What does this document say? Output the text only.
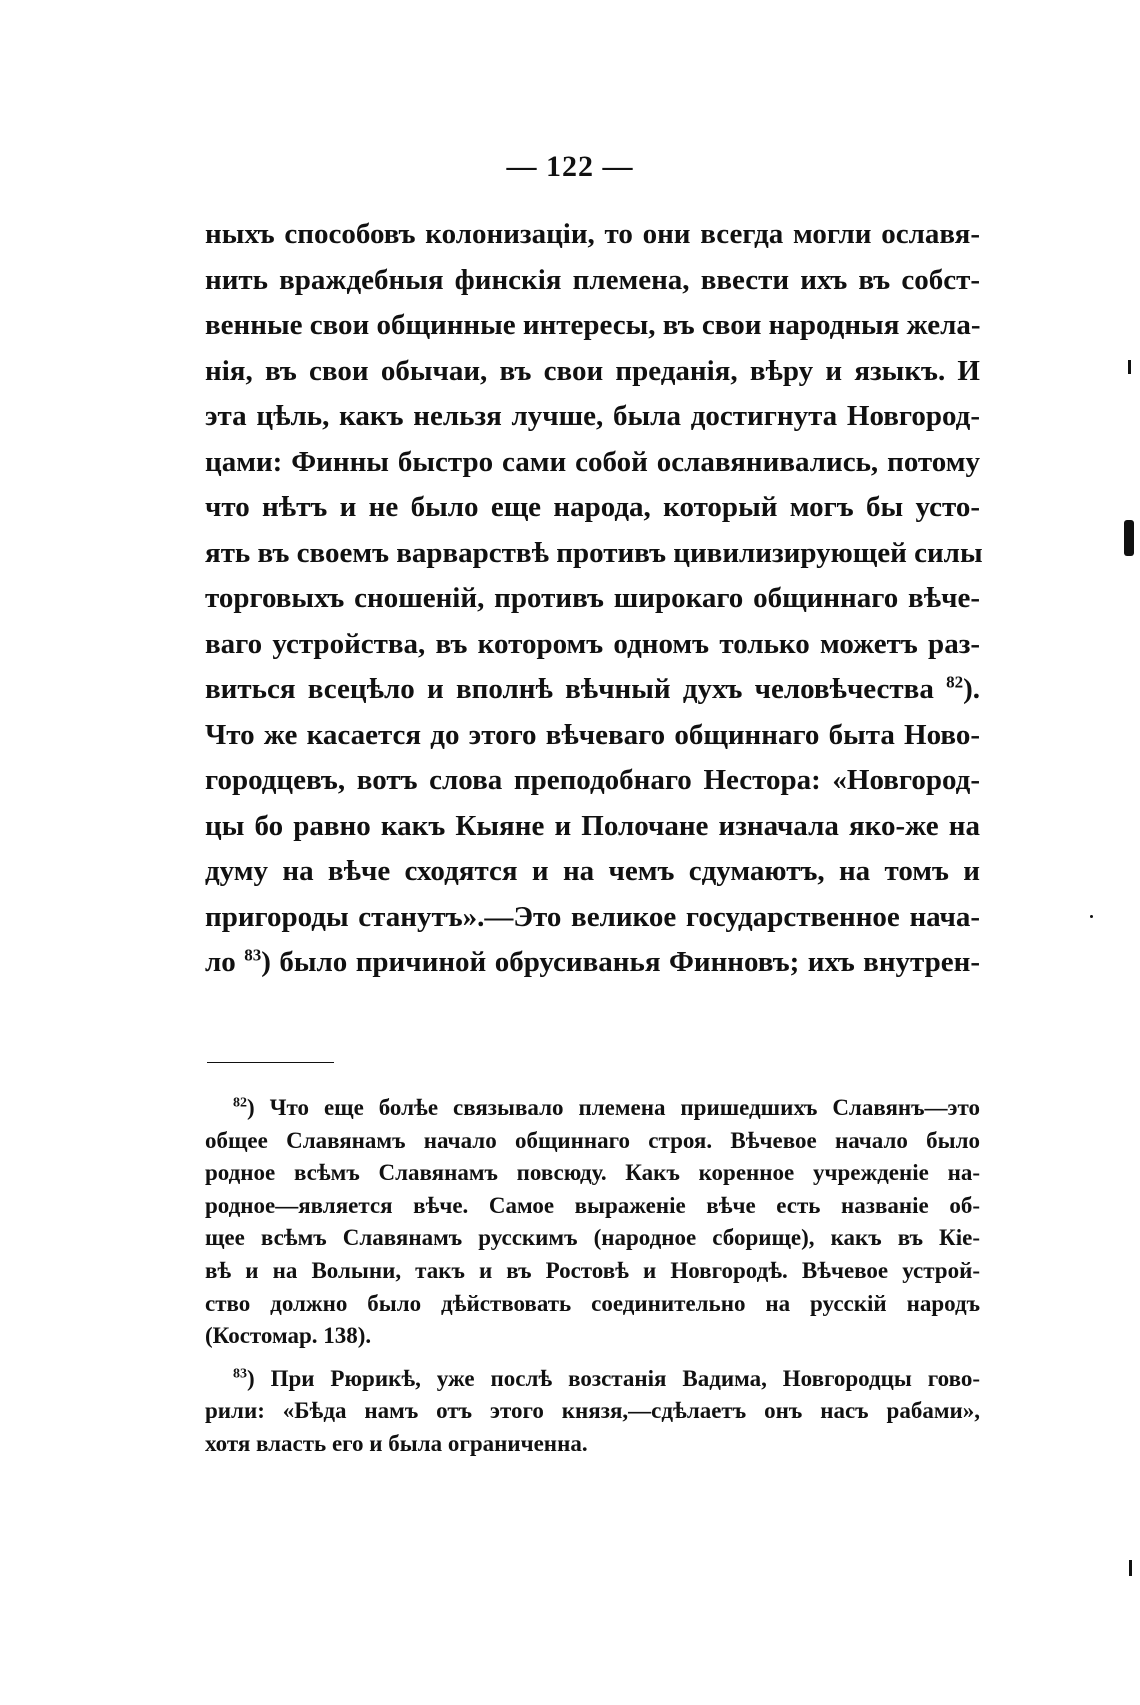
— 122 —
ныхъ способовъ колонизаціи, то они всегда могли ославя-
нить враждебныя финскія племена, ввести ихъ въ собст-
венные свои общинные интересы, въ свои народныя жела-
нія, въ свои обычаи, въ свои преданія, вѣру и языкъ. И
эта цѣль, какъ нельзя лучше, была достигнута Новгород-
цами: Финны быстро сами собой ославянивались, потому
что нѣтъ и не было еще народа, который могъ бы усто-
ять въ своемъ варварствѣ противъ цивилизирующей силы
торговыхъ сношеній, противъ широкаго общиннаго вѣче-
ваго устройства, въ которомъ одномъ только можетъ раз-
виться всецѣло и вполнѣ вѣчный духъ человѣчества $^{82}$).
Что же касается до этого вѣчеваго общиннаго быта Ново-
городцевъ, вотъ слова преподобнаго Нестора: «Новгород-
цы бо равно какъ Кыяне и Полочане изначала яко-же на
думу на вѣче сходятся и на чемъ сдумаютъ, на томъ и
пригороды станутъ».—Это великое государственное нача-
ло $^{83}$) было причиной обрусиванья Финновъ; ихъ внутрен-
$^{82}$) Что еще болѣе связывало племена пришедшихъ Славянъ—это
общее Славянамъ начало общиннаго строя. Вѣчевое начало было
родное всѣмъ Славянамъ повсюду. Какъ коренное учрежденіе на-
родное—является вѣче. Самое выраженіе вѣче есть названіе об-
щее всѣмъ Славянамъ русскимъ (народное сборище), какъ въ Кіе-
вѣ и на Волыни, такъ и въ Ростовѣ и Новгородѣ. Вѣчевое устрой-
ство должно было дѣйствовать соединительно на русскій народъ
(Костомар. 138).
$^{83}$) При Рюрикѣ, уже послѣ возстанія Вадима, Новгородцы гово-
рили: «Бѣда намъ отъ этого князя,—сдѣлаетъ онъ насъ рабами»,
хотя власть его и была ограниченна.
